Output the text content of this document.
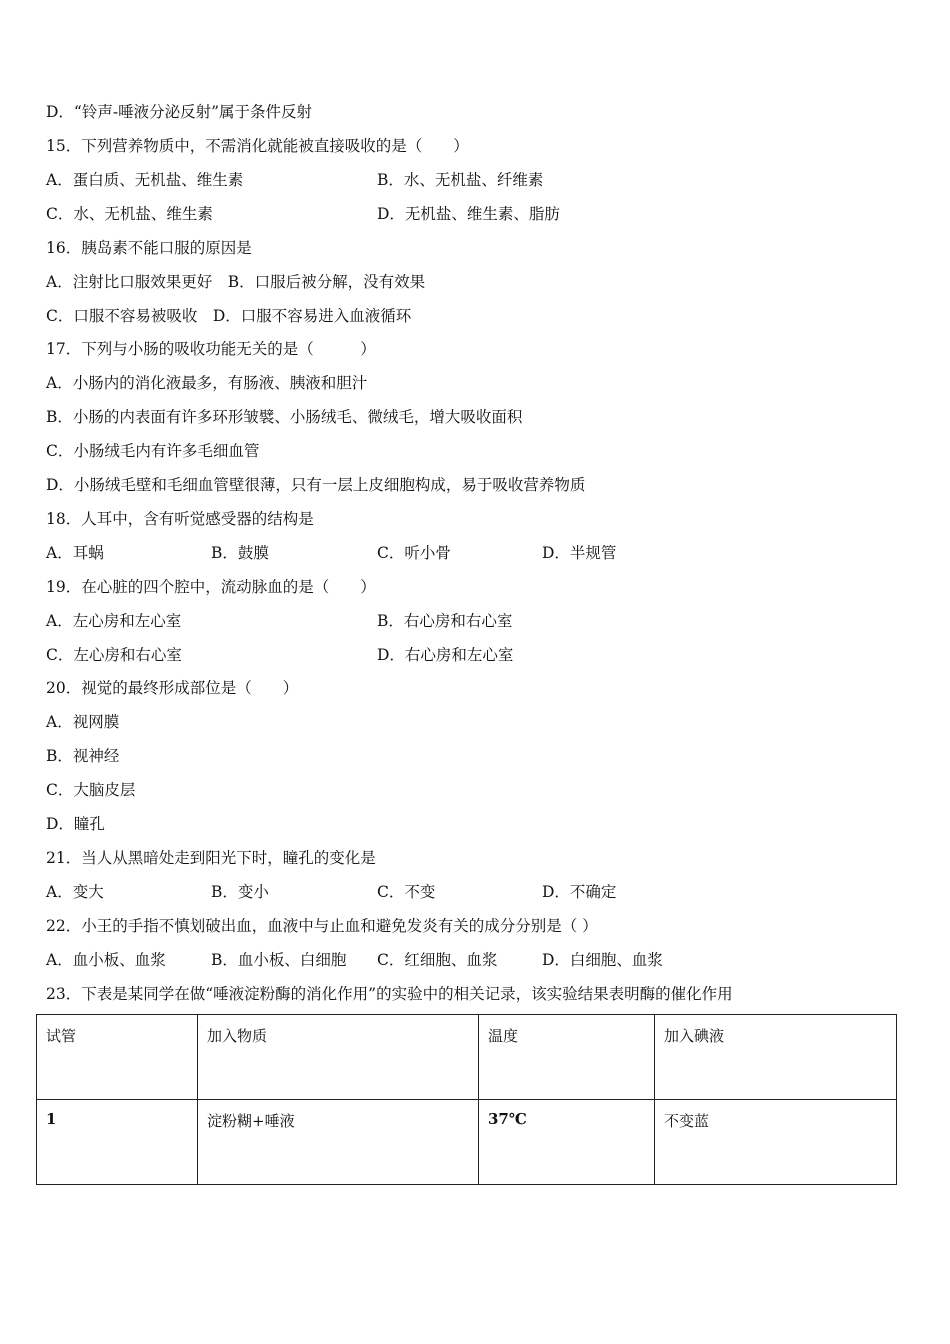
D．“铃声-唾液分泌反射”属于条件反射
15．下列营养物质中，不需消化就能被直接吸收的是（　　）
A．蛋白质、无机盐、维生素	B．水、无机盐、纤维素
C．水、无机盐、维生素	D．无机盐、维生素、脂肪
16．胰岛素不能口服的原因是
A．注射比口服效果更好　B．口服后被分解，没有效果
C．口服不容易被吸收　D．口服不容易进入血液循环
17．下列与小肠的吸收功能无关的是（　　　）
A．小肠内的消化液最多，有肠液、胰液和胆汁
B．小肠的内表面有许多环形皱襞、小肠绒毛、微绒毛，增大吸收面积
C．小肠绒毛内有许多毛细血管
D．小肠绒毛壁和毛细血管壁很薄，只有一层上皮细胞构成，易于吸收营养物质
18．人耳中，含有听觉感受器的结构是
A．耳蜗	B．鼓膜	C．听小骨	D．半规管
19．在心脏的四个腔中，流动脉血的是（　　）
A．左心房和左心室	B．右心房和右心室
C．左心房和右心室	D．右心房和左心室
20．视觉的最终形成部位是（　　）
A．视网膜
B．视神经
C．大脑皮层
D．瞳孔
21．当人从黑暗处走到阳光下时，瞳孔的变化是
A．变大	B．变小	C．不变	D．不确定
22．小王的手指不慎划破出血，血液中与止血和避免发炎有关的成分分别是（ ）
A．血小板、血浆	B．血小板、白细胞 C．红细胞、血浆	D．白细胞、血浆
23．下表是某同学在做“唾液淀粉酶的消化作用”的实验中的相关记录，该实验结果表明酶的催化作用
试管	加入物质	温度	加入碘液
1	淀粉糊+唾液	37℃	不变蓝
